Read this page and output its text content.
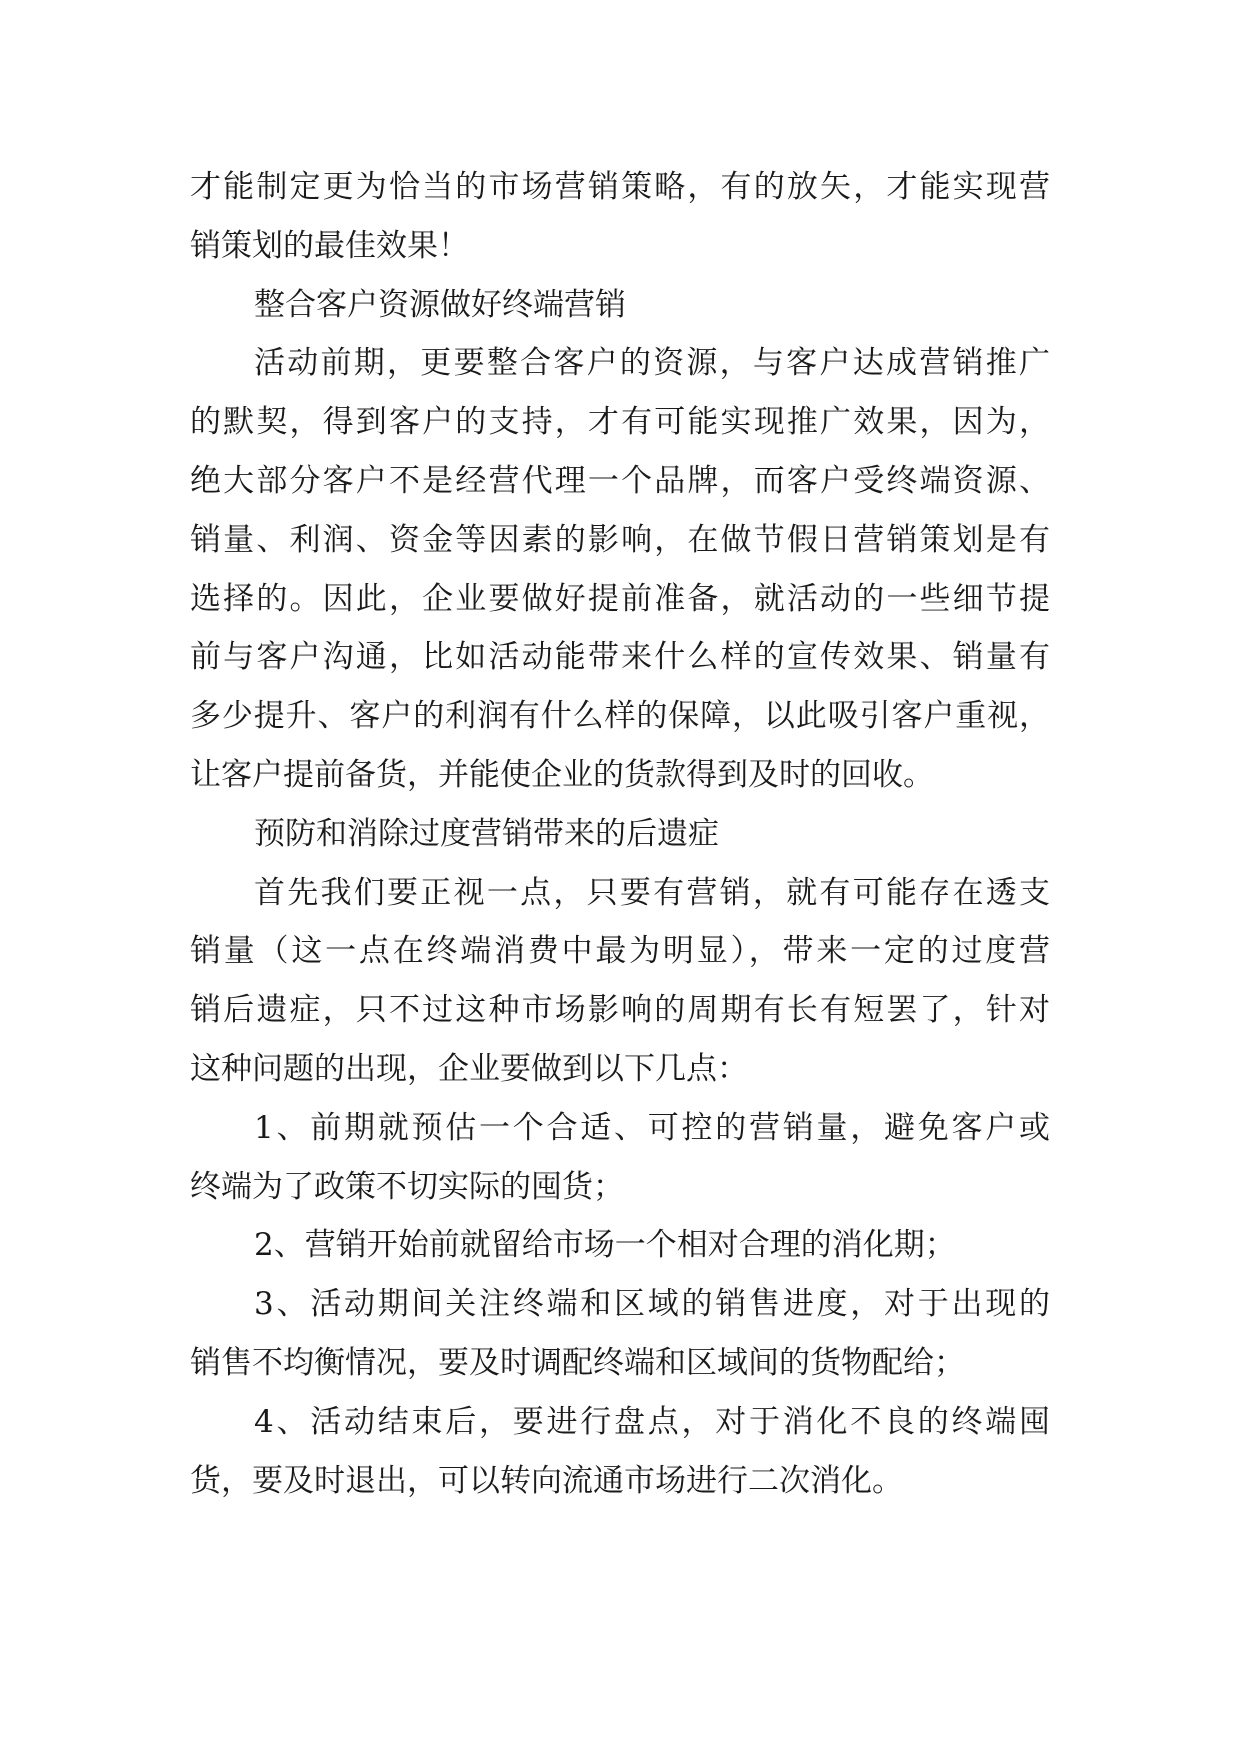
才能制定更为恰当的市场营销策略，有的放矢，才能实现营
销策划的最佳效果！
整合客户资源做好终端营销
活动前期，更要整合客户的资源，与客户达成营销推广
的默契，得到客户的支持，才有可能实现推广效果，因为，
绝大部分客户不是经营代理一个品牌，而客户受终端资源、
销量、利润、资金等因素的影响，在做节假日营销策划是有
选择的。因此，企业要做好提前准备，就活动的一些细节提
前与客户沟通，比如活动能带来什么样的宣传效果、销量有
多少提升、客户的利润有什么样的保障，以此吸引客户重视，
让客户提前备货，并能使企业的货款得到及时的回收。
预防和消除过度营销带来的后遗症
首先我们要正视一点，只要有营销，就有可能存在透支
销量（这一点在终端消费中最为明显），带来一定的过度营
销后遗症，只不过这种市场影响的周期有长有短罢了，针对
这种问题的出现，企业要做到以下几点：
1、前期就预估一个合适、可控的营销量，避免客户或
终端为了政策不切实际的囤货；
2、营销开始前就留给市场一个相对合理的消化期；
3、活动期间关注终端和区域的销售进度，对于出现的
销售不均衡情况，要及时调配终端和区域间的货物配给；
4、活动结束后，要进行盘点，对于消化不良的终端囤
货，要及时退出，可以转向流通市场进行二次消化。
